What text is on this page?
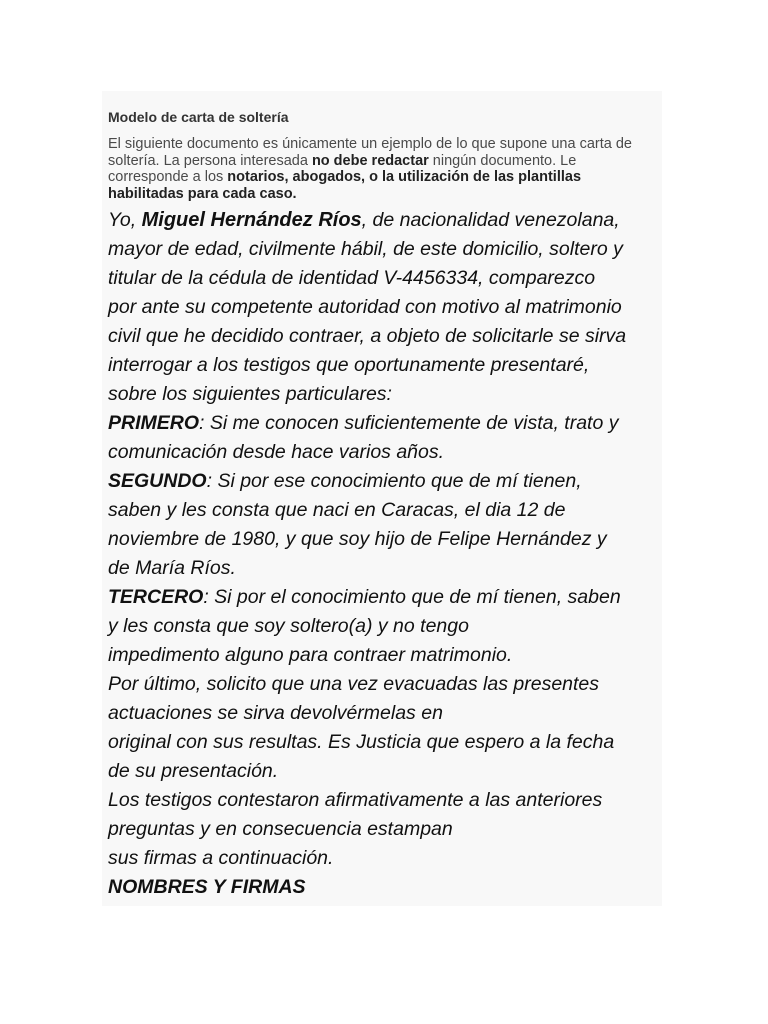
Modelo de carta de soltería
El siguiente documento es únicamente un ejemplo de lo que supone una carta de soltería. La persona interesada no debe redactar ningún documento. Le corresponde a los notarios, abogados, o la utilización de las plantillas habilitadas para cada caso.
Yo, Miguel Hernández Ríos, de nacionalidad venezolana,
mayor de edad, civilmente hábil, de este domicilio, soltero y
titular de la cédula de identidad V-4456334, comparezco
por ante su competente autoridad con motivo al matrimonio
civil que he decidido contraer, a objeto de solicitarle se sirva
interrogar a los testigos que oportunamente presentaré,
sobre los siguientes particulares:
PRIMERO: Si me conocen suficientemente de vista, trato y
comunicación desde hace varios años.
SEGUNDO: Si por ese conocimiento que de mí tienen,
saben y les consta que naci en Caracas, el dia 12 de
noviembre de 1980, y que soy hijo de Felipe Hernández y
de María Ríos.
TERCERO: Si por el conocimiento que de mí tienen, saben
y les consta que soy soltero(a) y no tengo
impedimento alguno para contraer matrimonio.
Por último, solicito que una vez evacuadas las presentes
actuaciones se sirva devolvérmelas en
original con sus resultas. Es Justicia que espero a la fecha
de su presentación.
Los testigos contestaron afirmativamente a las anteriores
preguntas y en consecuencia estampan
sus firmas a continuación.
NOMBRES Y FIRMAS
